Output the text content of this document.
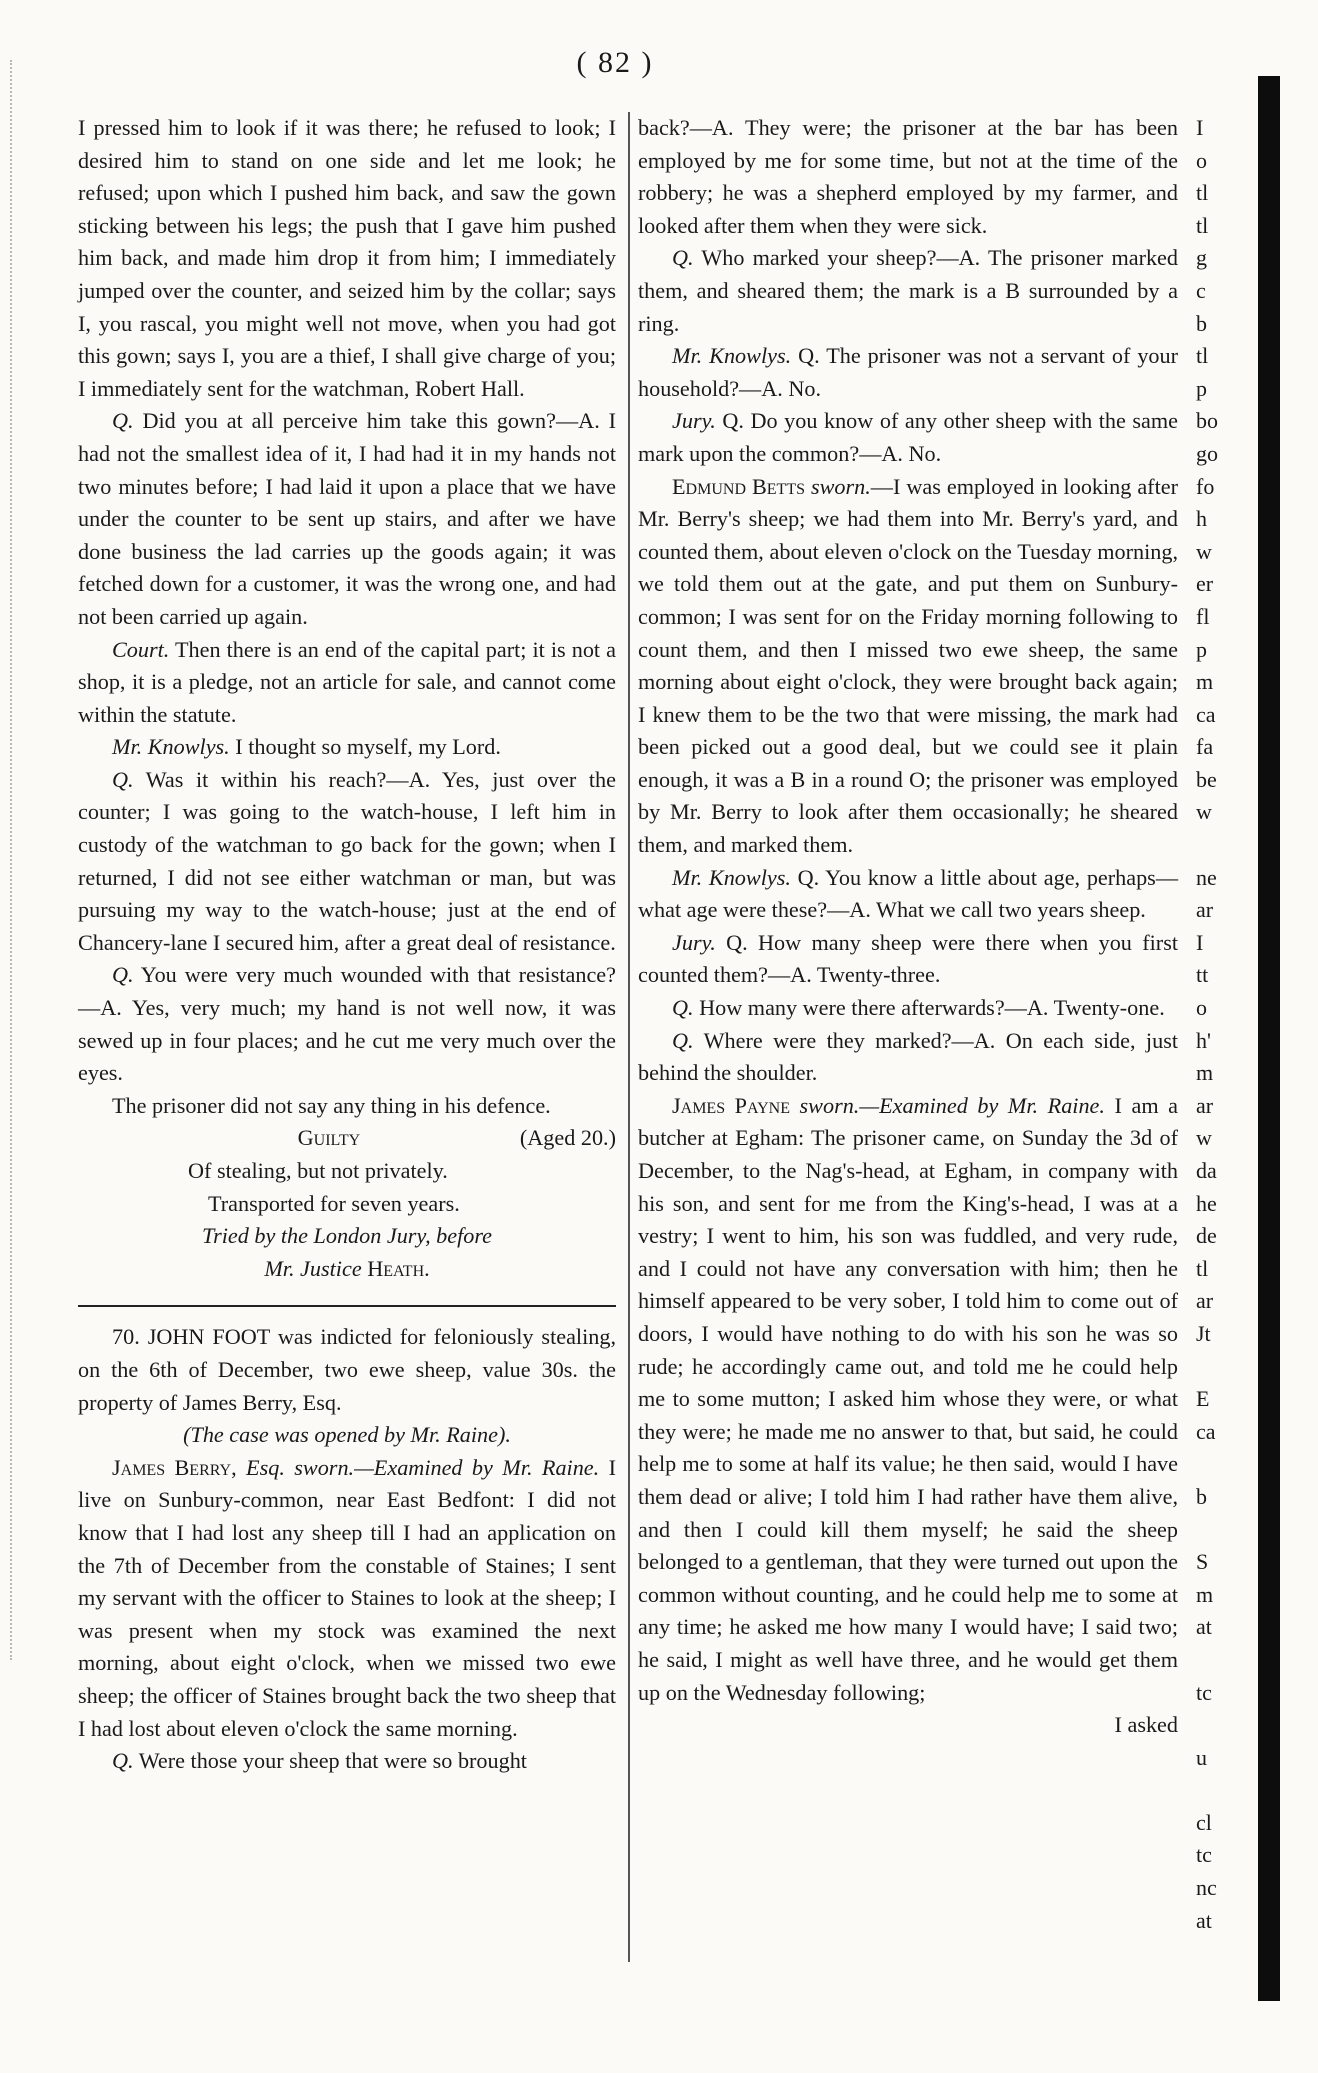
( 82 )

I pressed him to look if it was there; he refused to look; I desired him to stand on one side and let me look; he refused; upon which I pushed him back, and saw the gown sticking between his legs; the push that I gave him pushed him back, and made him drop it from him; I immediately jumped over the counter, and seized him by the collar; says I, you rascal, you might well not move, when you had got this gown; says I, you are a thief, I shall give charge of you; I immediately sent for the watchman, Robert Hall.

Q. Did you at all perceive him take this gown?—A. I had not the smallest idea of it, I had had it in my hands not two minutes before; I had laid it upon a place that we have under the counter to be sent up stairs, and after we have done business the lad carries up the goods again; it was fetched down for a customer, it was the wrong one, and had not been carried up again.

Court. Then there is an end of the capital part; it is not a shop, it is a pledge, not an article for sale, and cannot come within the statute.

Mr. Knowlys. I thought so myself, my Lord.

Q. Was it within his reach?—A. Yes, just over the counter; I was going to the watch-house, I left him in custody of the watchman to go back for the gown; when I returned, I did not see either watchman or man, but was pursuing my way to the watch-house; just at the end of Chancery-lane I secured him, after a great deal of resistance.

Q. You were very much wounded with that resistance?—A. Yes, very much; my hand is not well now, it was sewed up in four places; and he cut me very much over the eyes.

The prisoner did not say any thing in his defence.

Guilty	(Aged 20.)

Of stealing, but not privately.

Transported for seven years.

Tried by the London Jury, before

Mr. Justice Heath.

70. JOHN FOOT was indicted for feloniously stealing, on the 6th of December, two ewe sheep, value 30s. the property of James Berry, Esq.

(The case was opened by Mr. Raine).

James Berry, Esq. sworn.—Examined by Mr. Raine. I live on Sunbury-common, near East Bedfont: I did not know that I had lost any sheep till I had an application on the 7th of December from the constable of Staines; I sent my servant with the officer to Staines to look at the sheep; I was present when my stock was examined the next morning, about eight o'clock, when we missed two ewe sheep; the officer of Staines brought back the two sheep that I had lost about eleven o'clock the same morning.

Q. Were those your sheep that were so brought

back?—A. They were; the prisoner at the bar has been employed by me for some time, but not at the time of the robbery; he was a shepherd employed by my farmer, and looked after them when they were sick.

Q. Who marked your sheep?—A. The prisoner marked them, and sheared them; the mark is a B surrounded by a ring.

Mr. Knowlys. Q. The prisoner was not a servant of your household?—A. No.

Jury. Q. Do you know of any other sheep with the same mark upon the common?—A. No.

Edmund Betts sworn.—I was employed in looking after Mr. Berry's sheep; we had them into Mr. Berry's yard, and counted them, about eleven o'clock on the Tuesday morning, we told them out at the gate, and put them on Sunbury-common; I was sent for on the Friday morning following to count them, and then I missed two ewe sheep, the same morning about eight o'clock, they were brought back again; I knew them to be the two that were missing, the mark had been picked out a good deal, but we could see it plain enough, it was a B in a round O; the prisoner was employed by Mr. Berry to look after them occasionally; he sheared them, and marked them.

Mr. Knowlys. Q. You know a little about age, perhaps—what age were these?—A. What we call two years sheep.

Jury. Q. How many sheep were there when you first counted them?—A. Twenty-three.

Q. How many were there afterwards?—A. Twenty-one.

Q. Where were they marked?—A. On each side, just behind the shoulder.

James Payne sworn.—Examined by Mr. Raine. I am a butcher at Egham: The prisoner came, on Sunday the 3d of December, to the Nag's-head, at Egham, in company with his son, and sent for me from the King's-head, I was at a vestry; I went to him, his son was fuddled, and very rude, and I could not have any conversation with him; then he himself appeared to be very sober, I told him to come out of doors, I would have nothing to do with his son he was so rude; he accordingly came out, and told me he could help me to some mutton; I asked him whose they were, or what they were; he made me no answer to that, but said, he could help me to some at half its value; he then said, would I have them dead or alive; I told him I had rather have them alive, and then I could kill them myself; he said the sheep belonged to a gentleman, that they were turned out upon the common without counting, and he could help me to some at any time; he asked me how many I would have; I said two; he said, I might as well have three, and he would get them up on the Wednesday following;

I asked

I
o
tl
tl
g
c
b
tl
p
bo
go
fo
h
w
er
fl
p
m
ca
fa
be
w
ne
ar
I
tt
o
h'
m
ar
w
da
he
de
tl
ar
Jt
E
ca
b
S
m
at
tc
u
cl
tc
nc
at
